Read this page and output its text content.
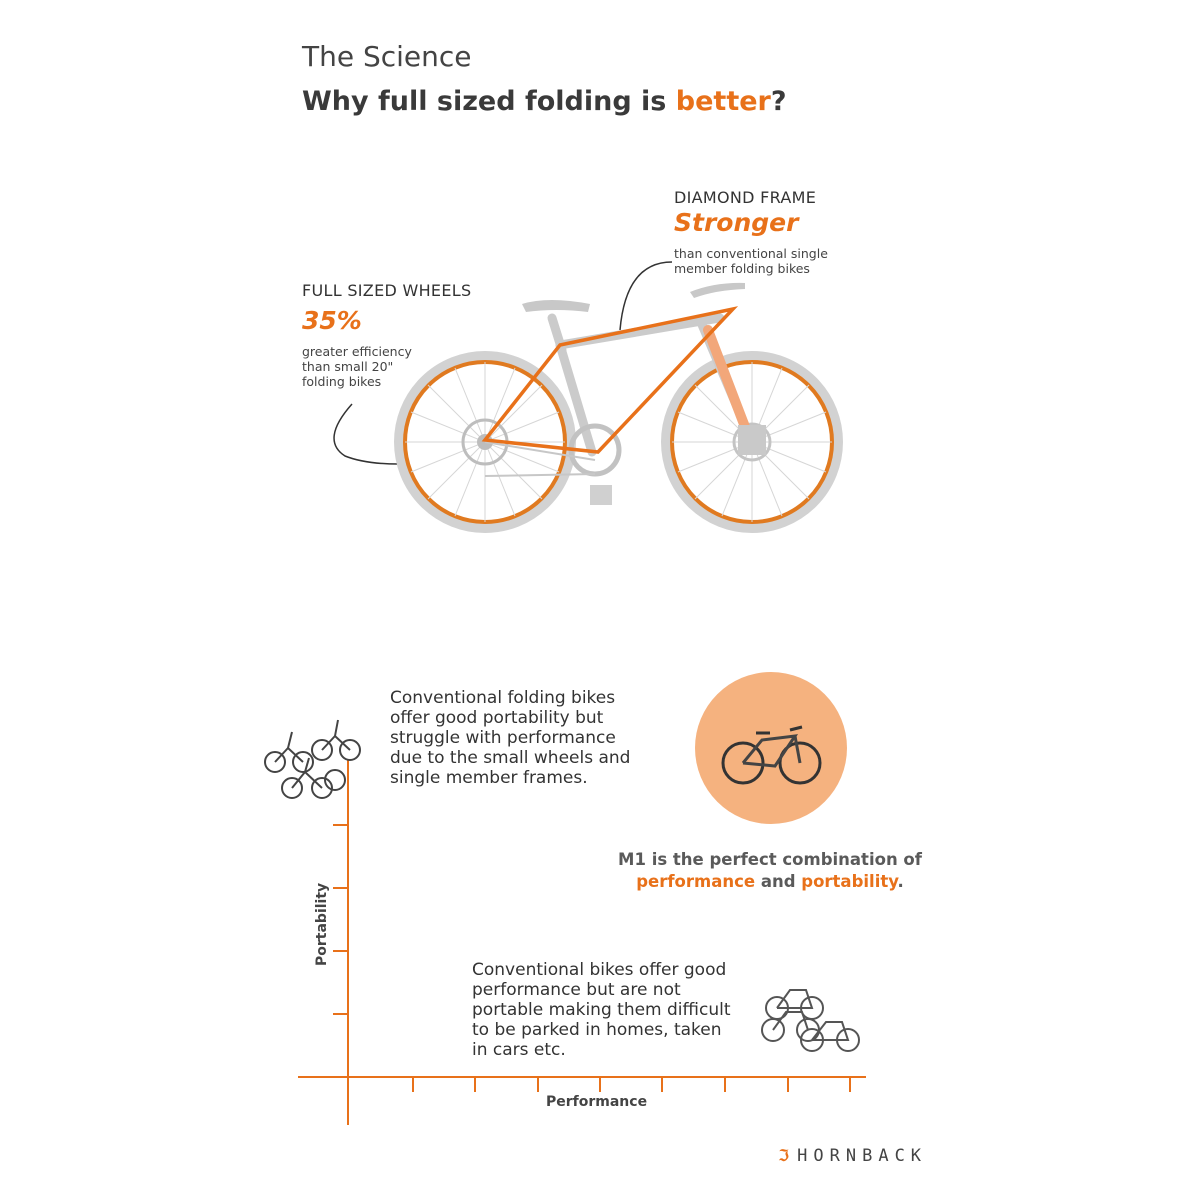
The Science
Why full sized folding is better?
DIAMOND FRAME
Stronger
than conventional single
member folding bikes
FULL SIZED WHEELS
35%
greater efficiency
than small 20"
folding bikes
Conventional folding bikes
offer good portability but
struggle with performance
due to the small wheels and
single member frames.
Conventional bikes offer good
performance but are not
portable making them difficult
to be parked in homes, taken
in cars etc.
M1 is the perfect combination of
performance and portability.
Performance
Portability
ℑ HORNBACK
